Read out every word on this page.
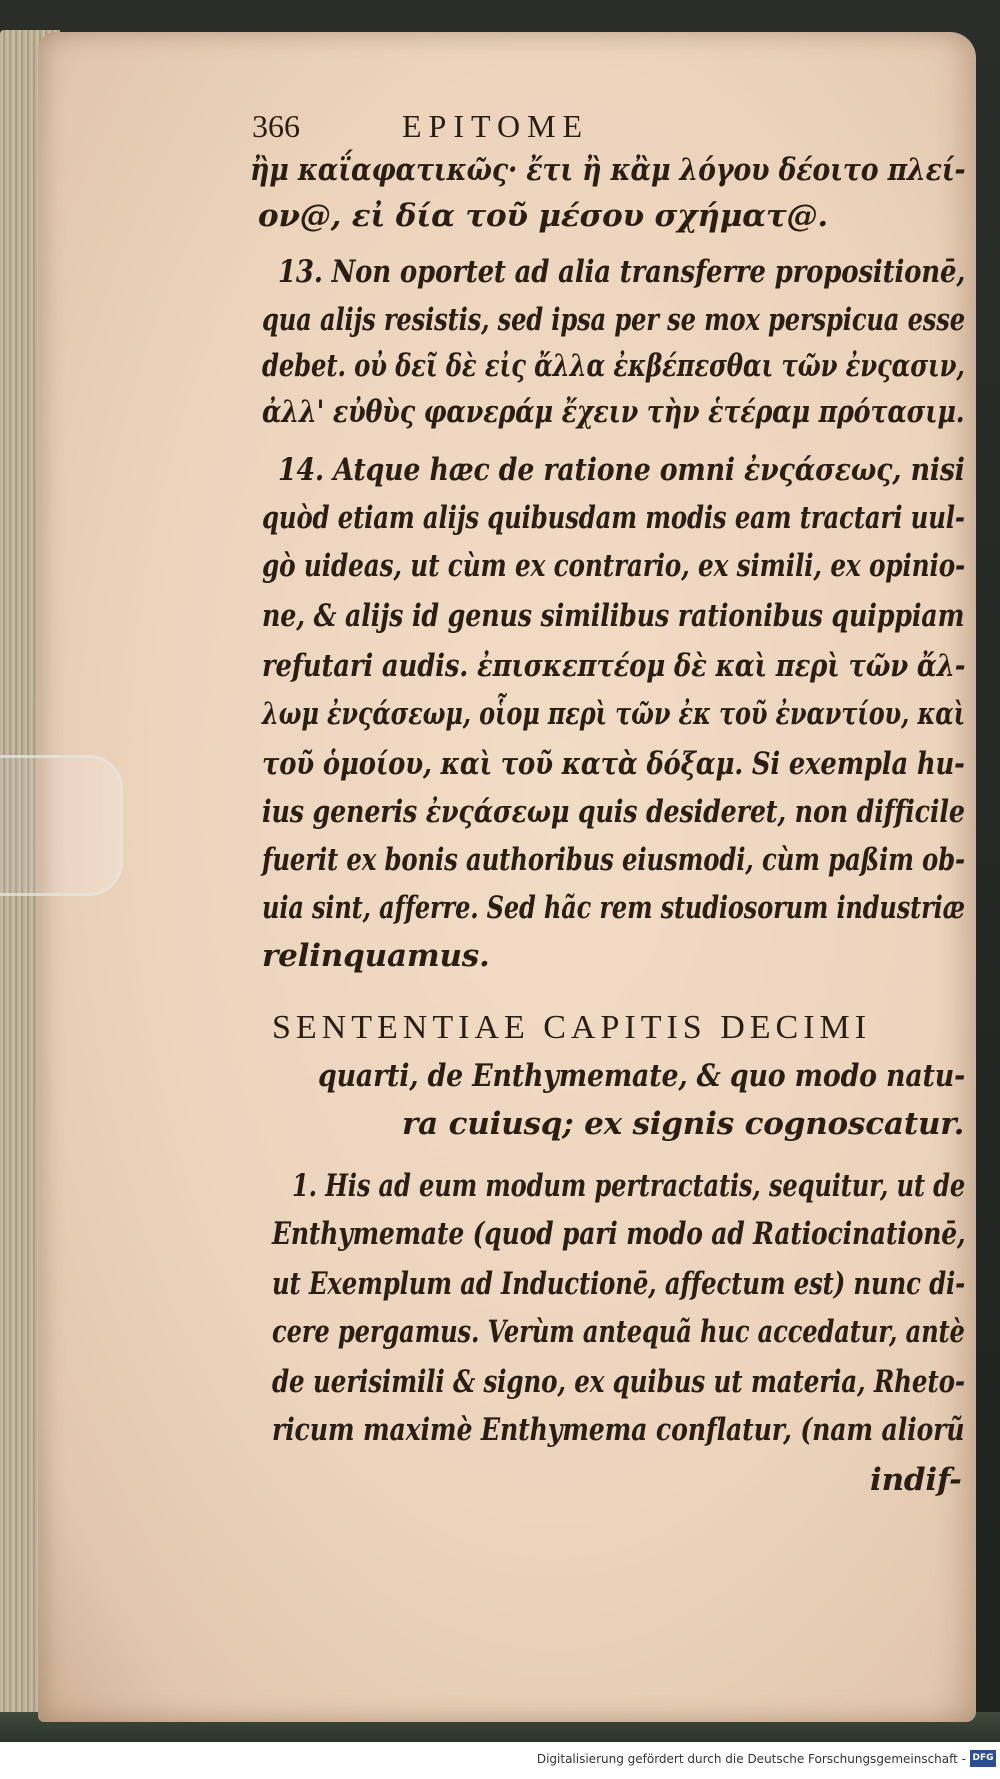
366	EPITOME
ἢμ καΐαφατικῶς· ἔτι ἢ κἂμ λόγου δέοιτο πλεί-
ον@, εἰ δία τοῦ μέσου σχήματ@.
13. Non oportet ad alia transferre propositionē,
qua alijs resistis, sed ipsa per se mox perspicua esse
debet. οὐ δεῖ δὲ εἰς ἄλλα ἐκβέπεσθαι τῶν ἐνςασιν,
ἀλλ' εὐθὺς φανεράμ ἔχειν τὴν ἑτέραμ πρότασιμ.
14. Atque hæc de ratione omni ἐνςάσεως, nisi
quòd etiam alijs quibusdam modis eam tractari uul-
gò uideas, ut cùm ex contrario, ex simili, ex opinio-
ne, & alijs id genus similibus rationibus quippiam
refutari audis. ἐπισκεπτέομ δὲ καὶ περὶ τῶν ἄλ-
λωμ ἐνςάσεωμ, οἷομ περὶ τῶν ἐκ τοῦ ἐναντίου, καὶ
τοῦ ὁμοίου, καὶ τοῦ κατὰ δόξαμ. Si exempla hu-
ius generis ἐνςάσεωμ quis desideret, non difficile
fuerit ex bonis authoribus eiusmodi, cùm paßim ob-
uia sint, afferre. Sed hãc rem studiosorum industriæ
relinquamus.
SENTENTIAE CAPITIS DECIMI
quarti, de Enthymemate, & quo modo natu-
ra cuiusq; ex signis cognoscatur.
1. His ad eum modum pertractatis, sequitur, ut de
Enthymemate (quod pari modo ad Ratiocinationē,
ut Exemplum ad Inductionē, affectum est) nunc di-
cere pergamus. Verùm antequã huc accedatur, antè
de uerisimili & signo, ex quibus ut materia, Rheto-
ricum maximè Enthymema conflatur, (nam aliorũ
indif-
Digitalisierung gefördert durch die Deutsche Forschungsgemeinschaft - DFG
